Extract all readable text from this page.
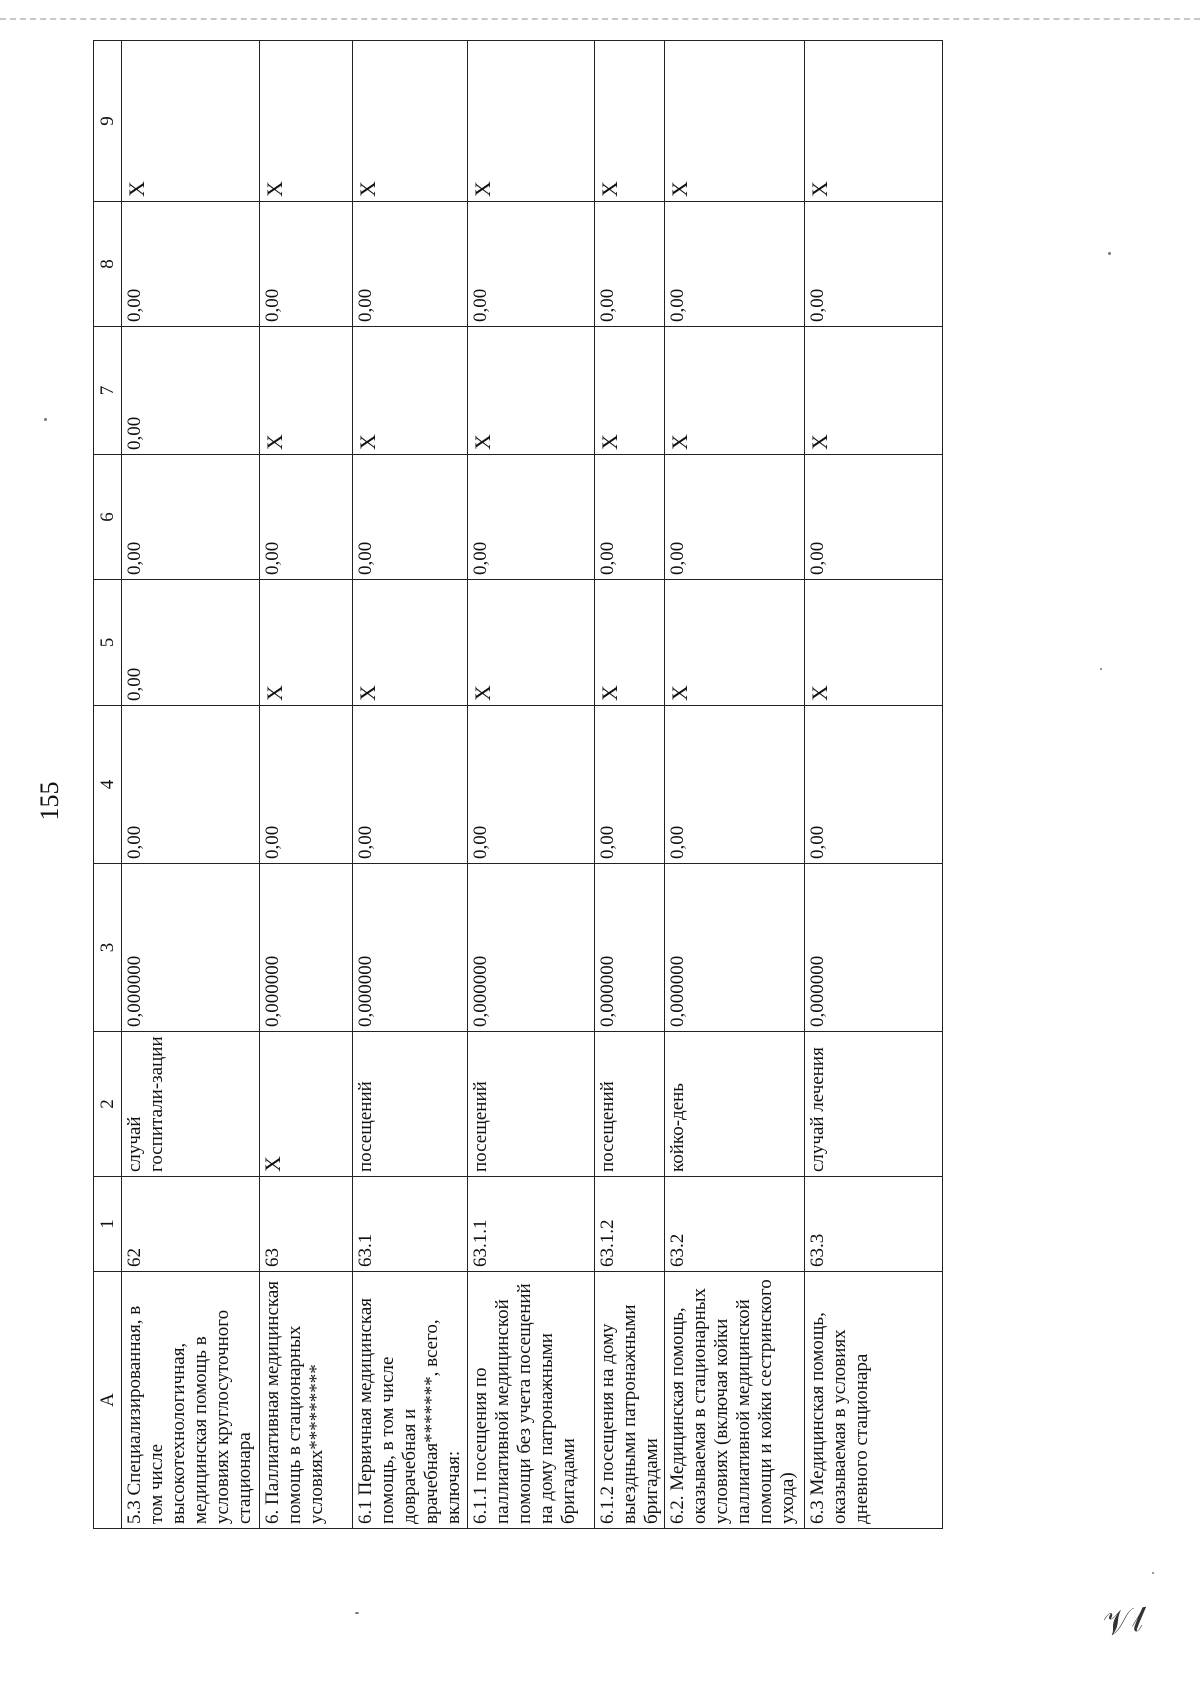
𝒱𝓁
155
А	1	2	3	4	5	6	7	8	9
5.3 Специализированная, в том числе высокотехнологичная, медицинская помощь в условиях круглосуточного стационара	62	случай госпитали-зации	0,000000	0,00	0,00	0,00	0,00	0,00	Х
6. Паллиативная медицинская помощь в стационарных условиях*********	63	Х	0,000000	0,00	Х	0,00	Х	0,00	Х
6.1 Первичная медицинская помощь, в том числе доврачебная и врачебная*******, всего, включая:	63.1	посещений	0,000000	0,00	Х	0,00	Х	0,00	Х
6.1.1 посещения по паллиативной медицинской помощи без учета посещений на дому патронажными бригадами	63.1.1	посещений	0,000000	0,00	Х	0,00	Х	0,00	Х
6.1.2 посещения на дому выездными патронажными бригадами	63.1.2	посещений	0,000000	0,00	Х	0,00	Х	0,00	Х
6.2. Медицинская помощь, оказываемая в стационарных условиях (включая койки паллиативной медицинской помощи и койки сестринского ухода)	63.2	койко-день	0,000000	0,00	Х	0,00	Х	0,00	Х
6.3 Медицинская помощь, оказываемая в условиях дневного стационара	63.3	случай лечения	0,000000	0,00	Х	0,00	Х	0,00	Х
